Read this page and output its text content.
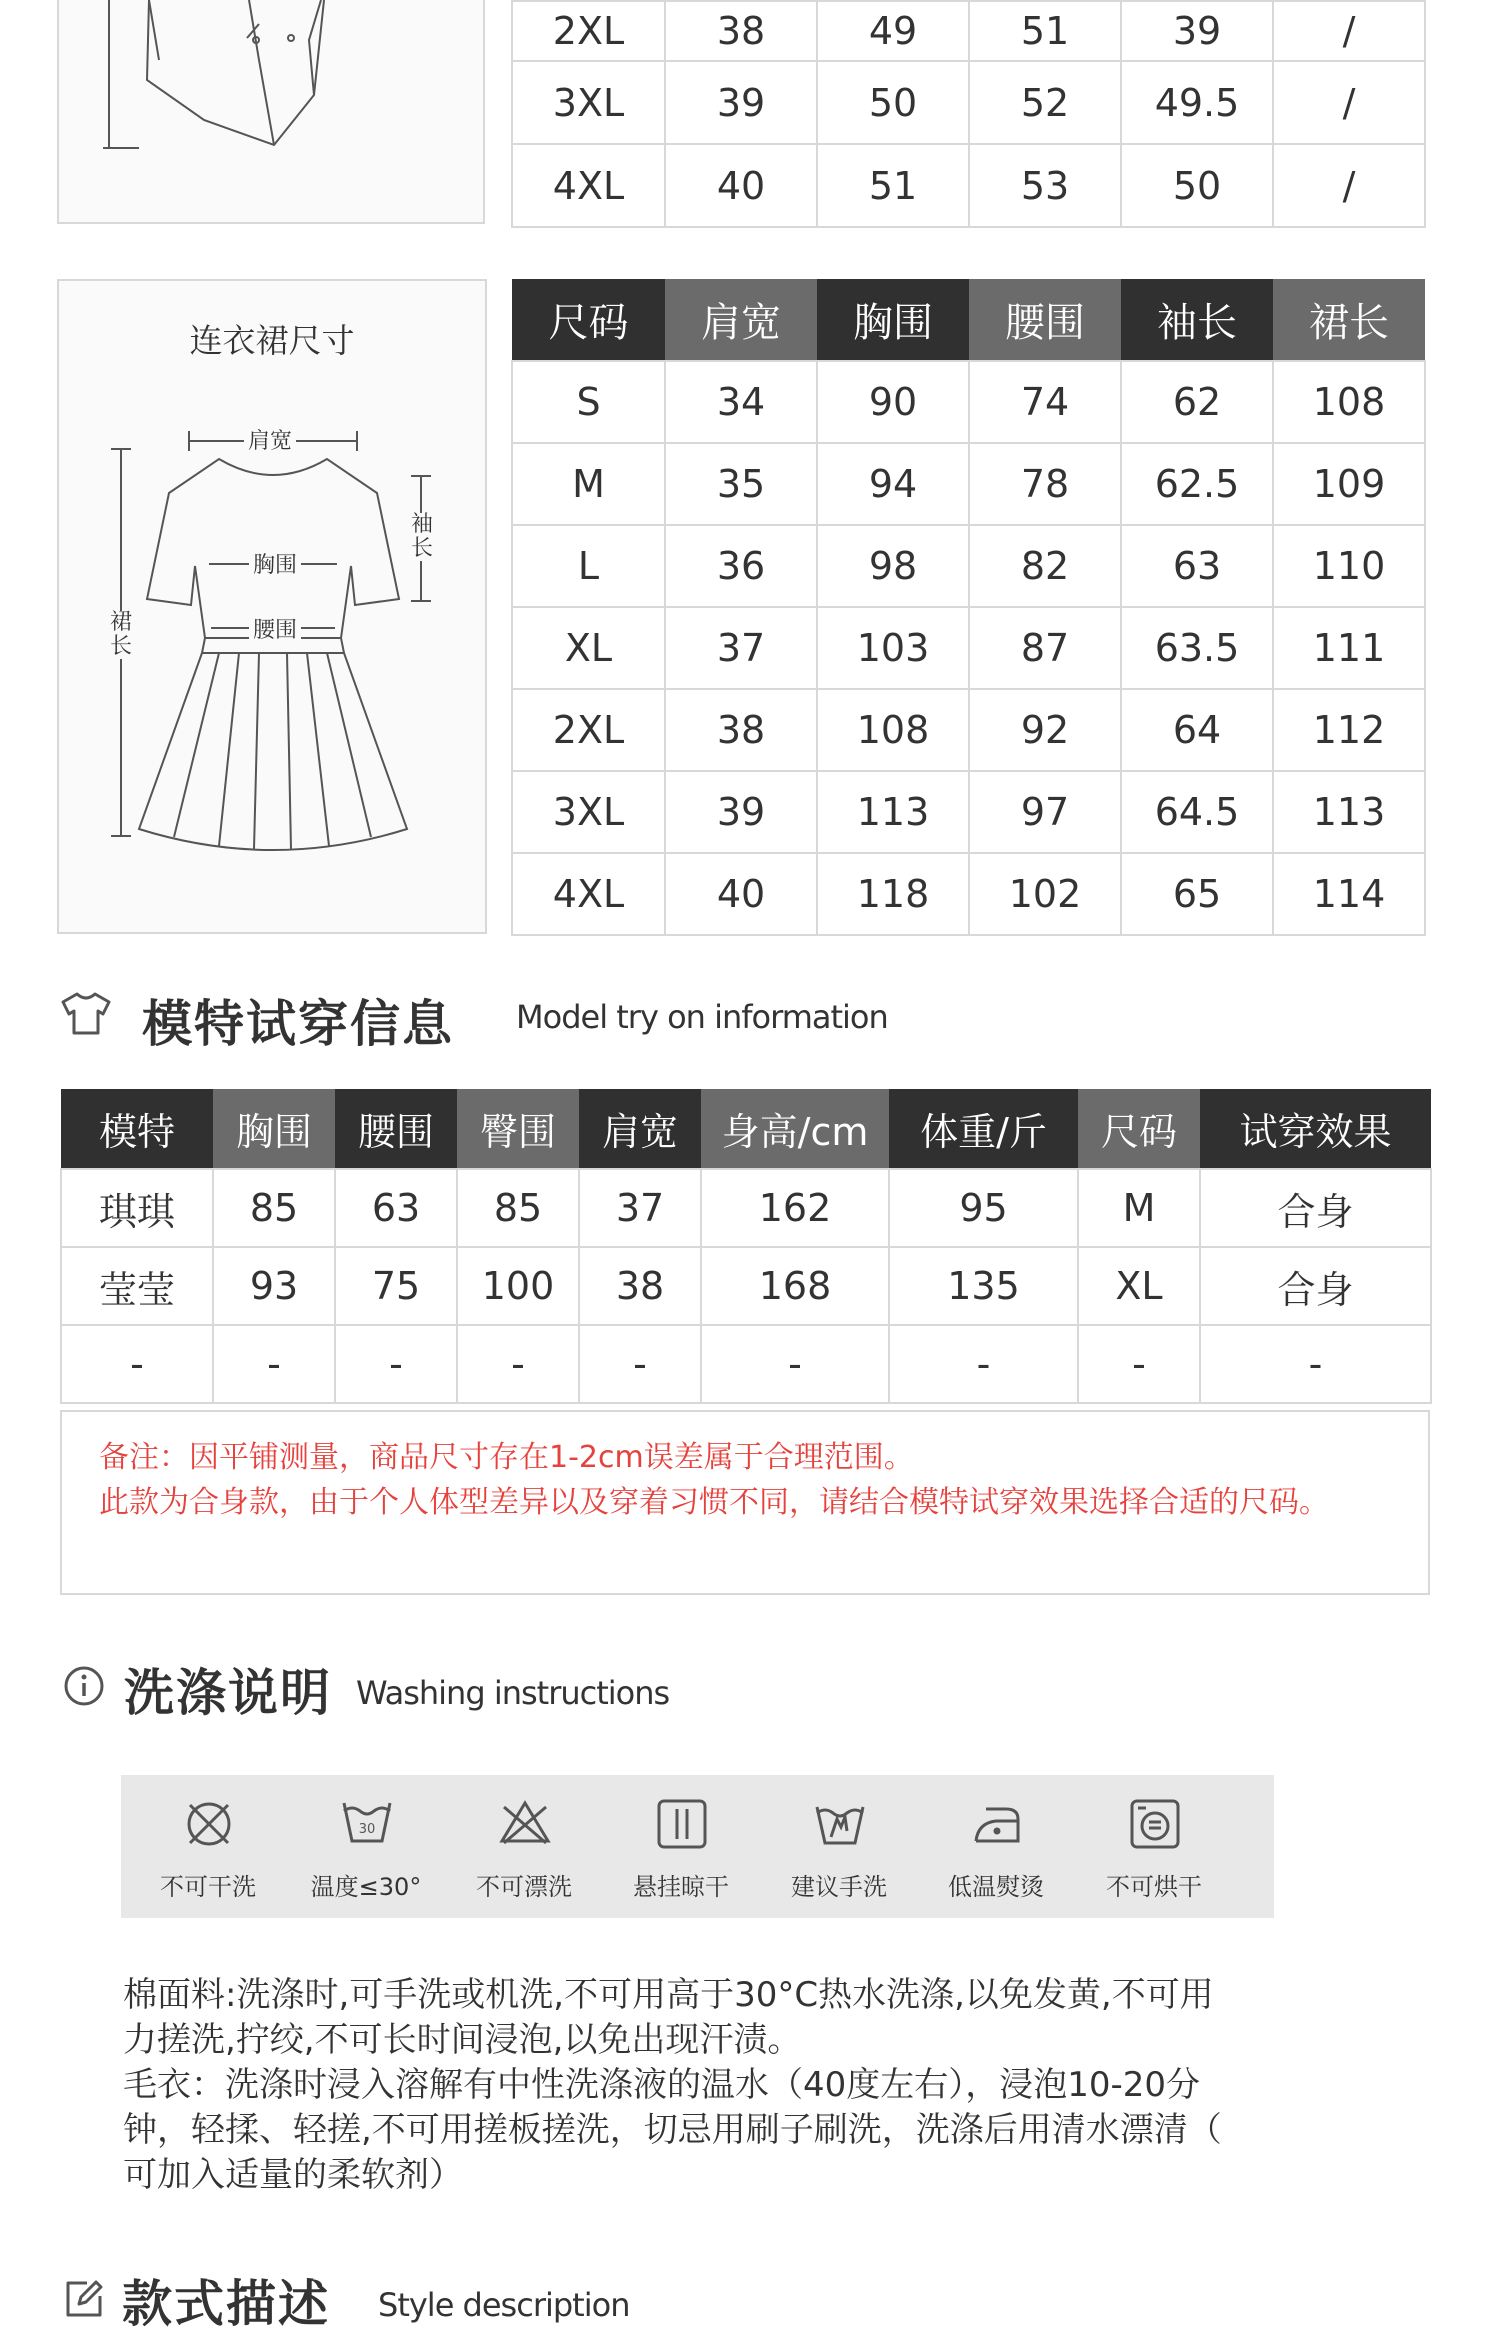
2XL	38	49	51	39	/
3XL	39	50	52	49.5	/
4XL	40	51	53	50	/
连衣裙尺寸
肩宽
胸围
腰围
袖长
裙长
尺码	肩宽	胸围	腰围	袖长	裙长
S	34	90	74	62	108
M	35	94	78	62.5	109
L	36	98	82	63	110
XL	37	103	87	63.5	111
2XL	38	108	92	64	112
3XL	39	113	97	64.5	113
4XL	40	118	102	65	114
模特试穿信息 Model try on information
模特	胸围	腰围	臀围	肩宽	身高/cm	体重/斤	尺码	试穿效果
琪琪	85	63	85	37	162	95	M	合身
莹莹	93	75	100	38	168	135	XL	合身
-	-	-	-	-	-	-	-	-
备注：因平铺测量，商品尺寸存在1-2cm误差属于合理范围。
此款为合身款，由于个人体型差异以及穿着习惯不同，请结合模特试穿效果选择合适的尺码。
洗涤说明 Washing instructions
不可干洗
30
温度≤30°	不可漂洗	悬挂晾干	建议手洗	低温熨烫	不可烘干
棉面料:洗涤时,可手洗或机洗,不可用高于30°C热水洗涤,以免发黄,不可用
力搓洗,拧绞,不可长时间浸泡,以免出现汗渍。
毛衣：洗涤时浸入溶解有中性洗涤液的温水（40度左右），浸泡10-20分
钟，轻揉、轻搓,不可用搓板搓洗，切忌用刷子刷洗，洗涤后用清水漂清（
可加入适量的柔软剂）
款式描述 Style description
